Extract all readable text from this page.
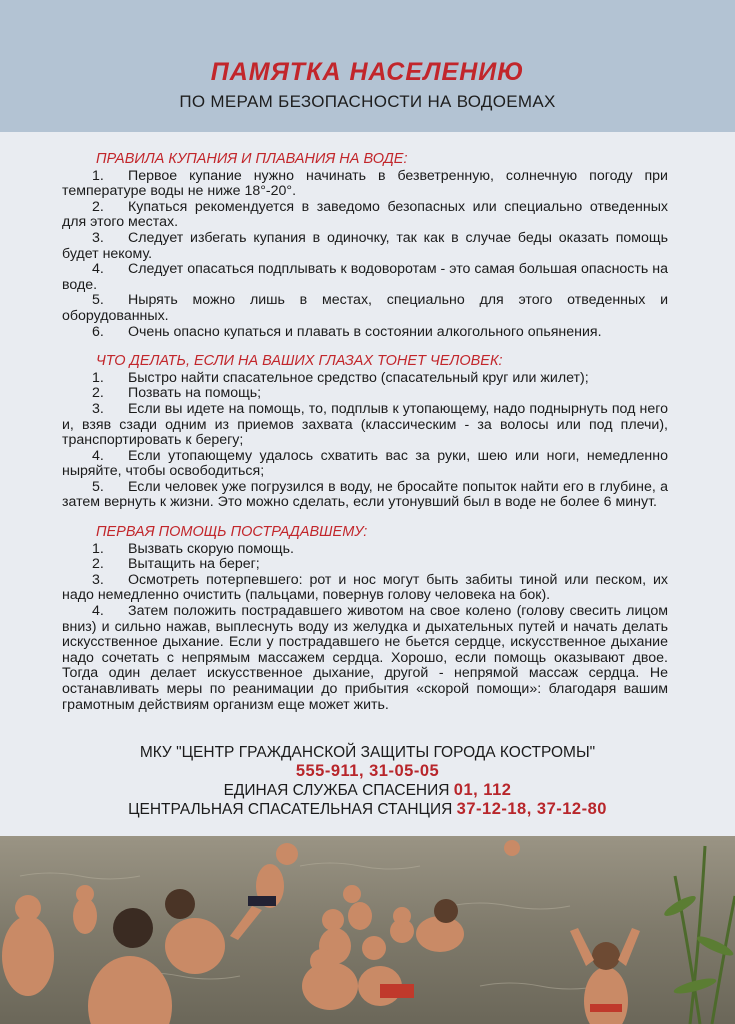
ПАМЯТКА НАСЕЛЕНИЮ
ПО МЕРАМ БЕЗОПАСНОСТИ НА ВОДОЕМАХ
ПРАВИЛА КУПАНИЯ И ПЛАВАНИЯ НА ВОДЕ:

1. Первое купание нужно начинать в безветренную, солнечную погоду при температуре воды не ниже 18°-20°.

2. Купаться рекомендуется в заведомо безопасных или специально отведенных для этого местах.

3. Следует избегать купания в одиночку, так как в случае беды оказать помощь будет некому.

4. Следует опасаться подплывать к водоворотам - это самая большая опасность на воде.

5. Нырять можно лишь в местах, специально для этого отведенных и оборудованных.

6. Очень опасно купаться и плавать в состоянии алкогольного опьянения.

ЧТО ДЕЛАТЬ, ЕСЛИ НА ВАШИХ ГЛАЗАХ ТОНЕТ ЧЕЛОВЕК:

1. Быстро найти спасательное средство (спасательный круг или жилет);

2. Позвать на помощь;

3. Если вы идете на помощь, то, подплыв к утопающему, надо поднырнуть под него и, взяв сзади одним из приемов захвата (классическим - за волосы или под плечи), транспортировать к берегу;

4. Если утопающему удалось схватить вас за руки, шею или ноги, немедленно ныряйте, чтобы освободиться;

5. Если человек уже погрузился в воду, не бросайте попыток найти его в глубине, а затем вернуть к жизни. Это можно сделать, если утонувший был в воде не более 6 минут.

ПЕРВАЯ ПОМОЩЬ ПОСТРАДАВШЕМУ:

1. Вызвать скорую помощь.

2. Вытащить на берег;

3. Осмотреть потерпевшего: рот и нос могут быть забиты тиной или песком, их надо немедленно очистить (пальцами, повернув голову человека на бок).

4. Затем положить пострадавшего животом на свое колено (голову свесить лицом вниз) и сильно нажав, выплеснуть воду из желудка и дыхательных путей и начать делать искусственное дыхание. Если у пострадавшего не бьется сердце, искусственное дыхание надо сочетать с непрямым массажем сердца. Хорошо, если помощь оказывают двое. Тогда один делает искусственное дыхание, другой - непрямой массаж сердца. Не останавливать меры по реанимации до прибытия «скорой помощи»: благодаря вашим грамотным действиям организм еще может жить.

МКУ "ЦЕНТР ГРАЖДАНСКОЙ ЗАЩИТЫ ГОРОДА КОСТРОМЫ"
555-911, 31-05-05
ЕДИНАЯ СЛУЖБА СПАСЕНИЯ 01, 112
ЦЕНТРАЛЬНАЯ СПАСАТЕЛЬНАЯ СТАНЦИЯ 37-12-18, 37-12-80
